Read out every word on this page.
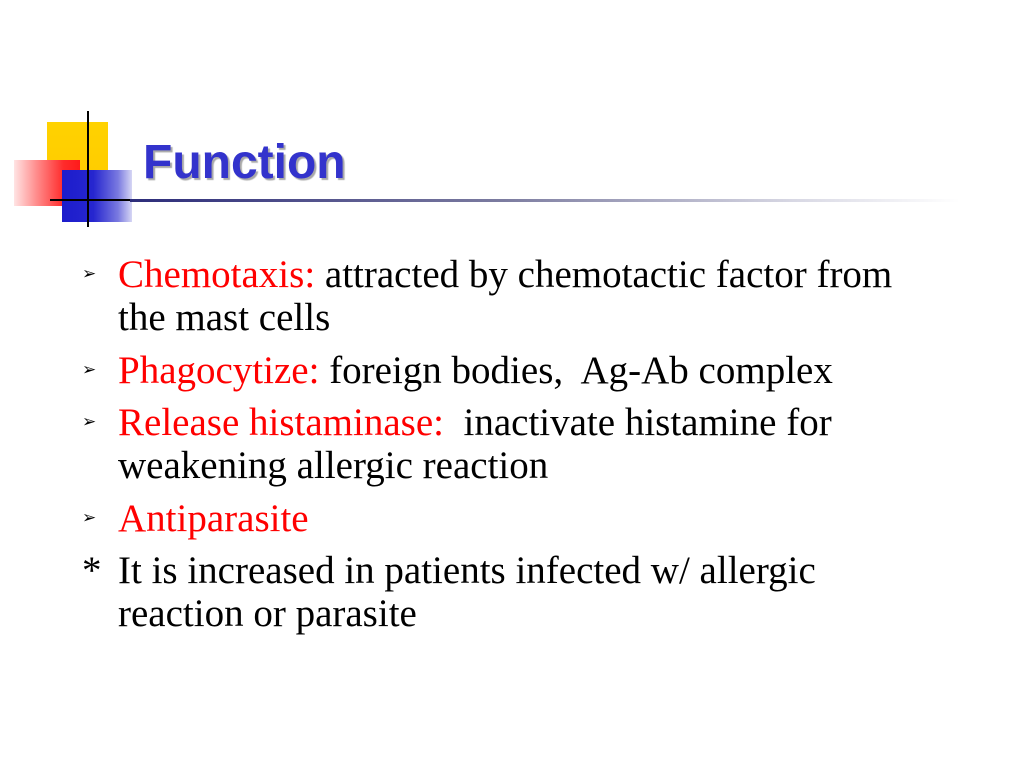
Function
➢ Chemotaxis: attracted by chemotactic factor from the mast cells
➢ Phagocytize: foreign bodies,  Ag-Ab complex
➢ Release histaminase:  inactivate histamine for weakening allergic reaction
➢ Antiparasite
* It is increased in patients infected w/ allergic reaction or parasite
